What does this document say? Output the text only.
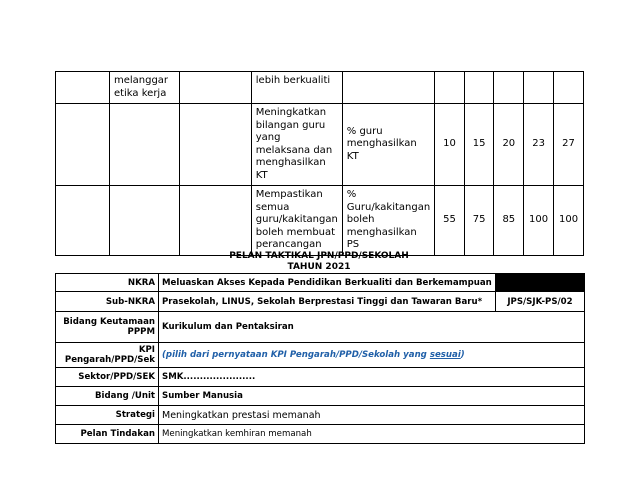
	melanggar etika kerja		lebih berkualiti						
			Meningkatkan bilangan guru yang melaksana dan menghasilkan KT	% guru menghasilkan KT	10	15	20	23	27
			Mempastikan semua guru/kakitangan boleh membuat perancangan	% Guru/kakitangan boleh menghasilkan PS	55	75	85	100	100
PELAN TAKTIKAL JPN/PPD/SEKOLAH
TAHUN 2021
NKRA	Meluaskan Akses Kepada Pendidikan Berkualiti dan Berkemampuan	
Sub-NKRA	Prasekolah, LINUS, Sekolah Berprestasi Tinggi dan Tawaran Baru*	JPS/SJK-PS/02
Bidang Keutamaan PPPM	Kurikulum dan Pentaksiran	
KPI Pengarah/PPD/Sek	(pilih dari pernyataan KPI Pengarah/PPD/Sekolah yang sesuai)	
Sektor/PPD/SEK	SMK......................	
Bidang /Unit	Sumber Manusia	
Strategi	Meningkatkan prestasi memanah	
Pelan Tindakan	Meningkatkan kemhiran memanah	
